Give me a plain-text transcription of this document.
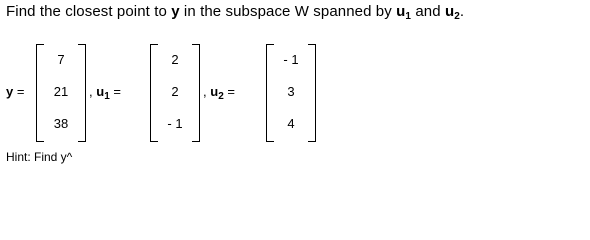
Find the closest point to y in the subspace W spanned by $u_1$ and $u_2$.
y =
7
21
38
, $u_1$ =
2
2
- 1
, $u_2$ =
- 1
3
4
Hint: Find y^
